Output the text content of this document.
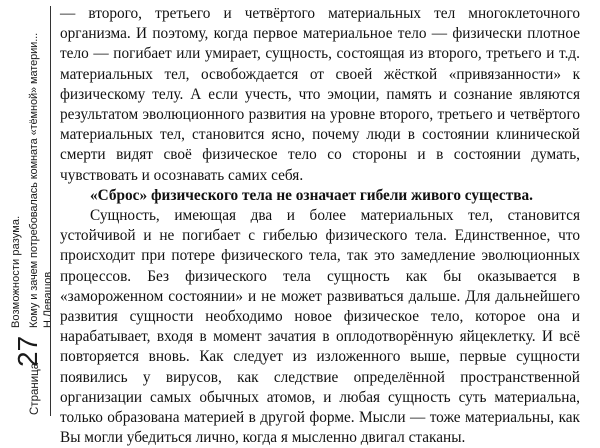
Страница
27
Возможности разума. Кому и зачем потребовалась комната «тёмной» материи... Н.Левашов

— второго, третьего и четвёртого материальных тел многоклеточного организма. И поэтому, когда первое материальное тело — физически плотное тело — погибает или умирает, сущность, состоящая из второго, третьего и т.д. материальных тел, освобождается от своей жёсткой «привязанности» к физическому телу. А если учесть, что эмоции, память и сознание являются результатом эволюционного развития на уровне второго, третьего и четвёртого материальных тел, становится ясно, почему люди в состоянии клинической смерти видят своё физическое тело со стороны и в состоянии думать, чувствовать и осознавать самих себя.

«Сброс» физического тела не означает гибели живого существа.

Сущность, имеющая два и более материальных тел, становится устойчивой и не погибает с гибелью физического тела. Единственное, что происходит при потере физического тела, так это замедление эволюционных процессов. Без физического тела сущность как бы оказывается в «замороженном состоянии» и не может развиваться дальше. Для дальнейшего развития сущности необходимо новое физическое тело, которое она и нарабатывает, входя в момент зачатия в оплодотворённую яйцеклетку. И всё повторяется вновь. Как следует из изложенного выше, первые сущности появились у вирусов, как следствие определённой пространственной организации самых обычных атомов, и любая сущность суть материальна, только образована материей в другой форме. Мысли — тоже материальны, как Вы могли убедиться лично, когда я мысленно двигал стаканы.
